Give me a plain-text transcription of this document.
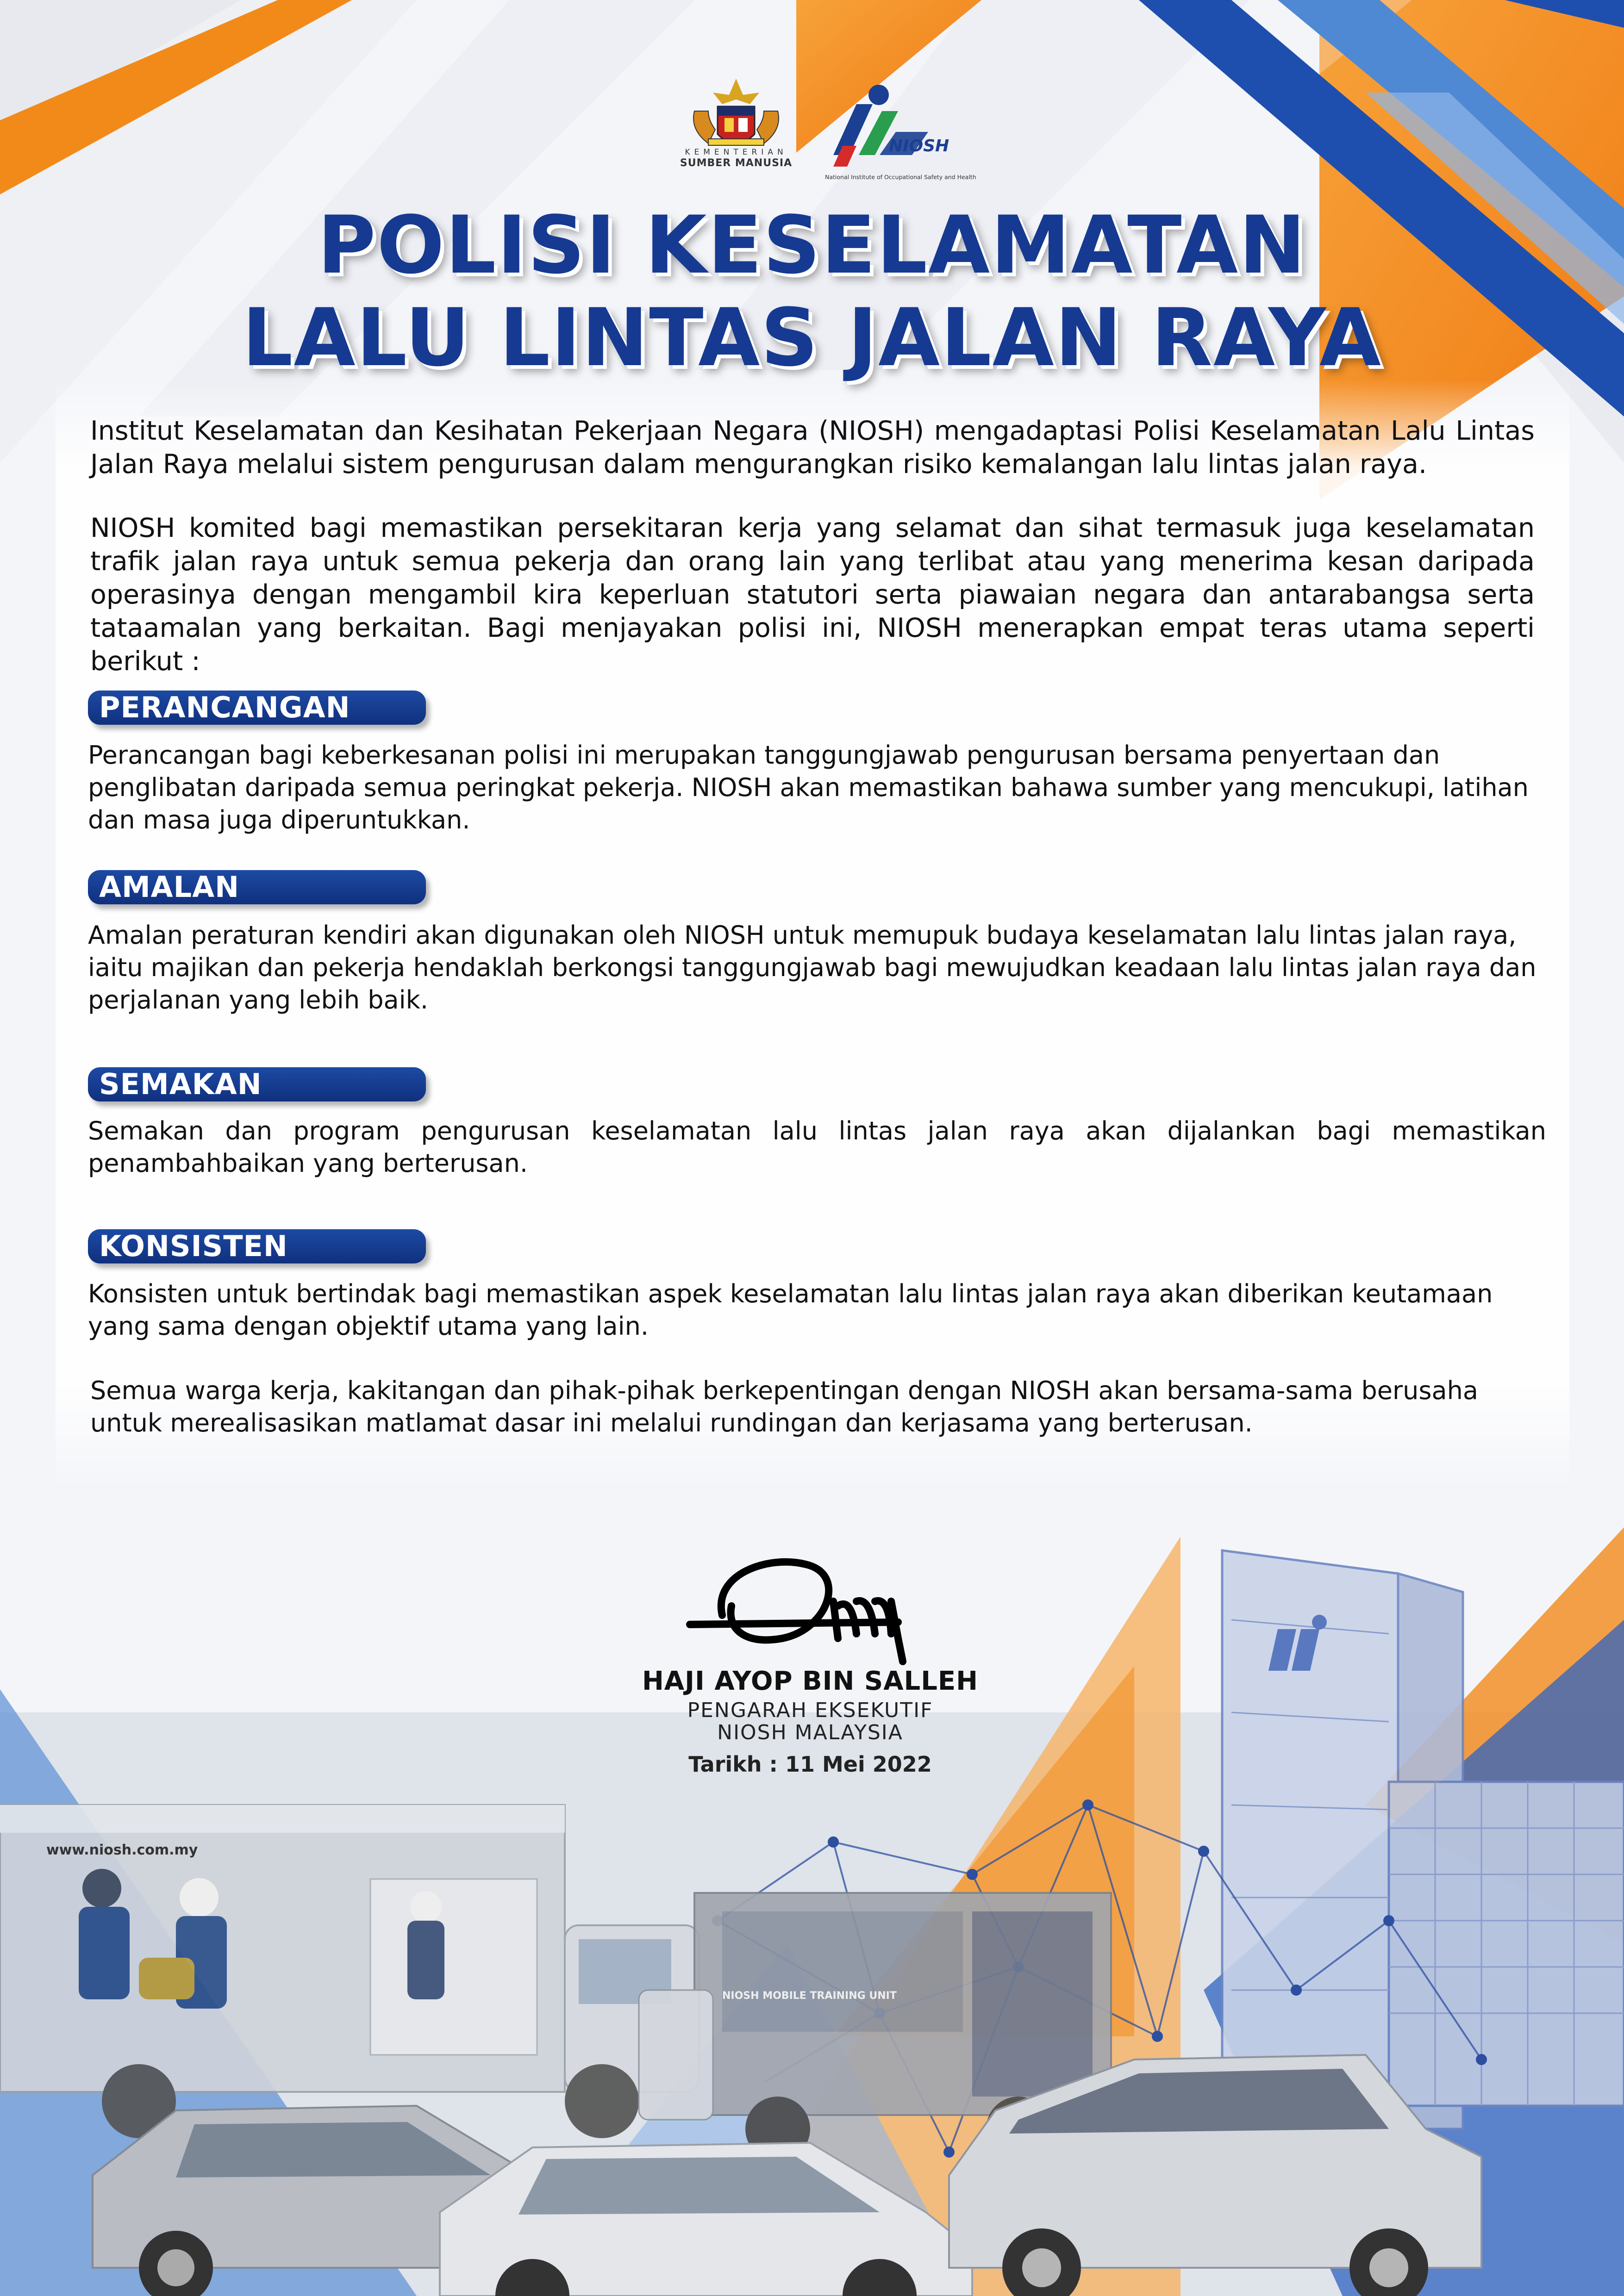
KEMENTERIAN
SUMBER MANUSIA
NIOSH
National Institute of Occupational Safety and Health
POLISI KESELAMATAN
LALU LINTAS JALAN RAYA

Institut Keselamatan dan Kesihatan Pekerjaan Negara (NIOSH) mengadaptasi Polisi Keselamatan Lalu Lintas Jalan Raya melalui sistem pengurusan dalam mengurangkan risiko kemalangan lalu lintas jalan raya.

NIOSH komited bagi memastikan persekitaran kerja yang selamat dan sihat termasuk juga keselamatan trafik jalan raya untuk semua pekerja dan orang lain yang terlibat atau yang menerima kesan daripada operasinya dengan mengambil kira keperluan statutori serta piawaian negara dan antarabangsa serta tataamalan yang berkaitan. Bagi menjayakan polisi ini, NIOSH menerapkan empat teras utama seperti berikut :

PERANCANGAN

Perancangan bagi keberkesanan polisi ini merupakan tanggungjawab pengurusan bersama penyertaan dan penglibatan daripada semua peringkat pekerja. NIOSH akan memastikan bahawa sumber yang mencukupi, latihan dan masa juga diperuntukkan.

AMALAN

Amalan peraturan kendiri akan digunakan oleh NIOSH untuk memupuk budaya keselamatan lalu lintas jalan raya, iaitu majikan dan pekerja hendaklah berkongsi tanggungjawab bagi mewujudkan keadaan lalu lintas jalan raya dan perjalanan yang lebih baik.

SEMAKAN

Semakan dan program pengurusan keselamatan lalu lintas jalan raya akan dijalankan bagi memastikan penambahbaikan yang berterusan.

KONSISTEN

Konsisten untuk bertindak bagi memastikan aspek keselamatan lalu lintas jalan raya akan diberikan keutamaan yang sama dengan objektif utama yang lain.

Semua warga kerja, kakitangan dan pihak-pihak berkepentingan dengan NIOSH akan bersama-sama berusaha untuk merealisasikan matlamat dasar ini melalui rundingan dan kerjasama yang berterusan.

HAJI AYOP BIN SALLEH

PENGARAH EKSEKUTIF
NIOSH MALAYSIA

Tarikh : 11 Mei 2022

www.niosh.com.my
NIOSH MOBILE TRAINING UNIT
